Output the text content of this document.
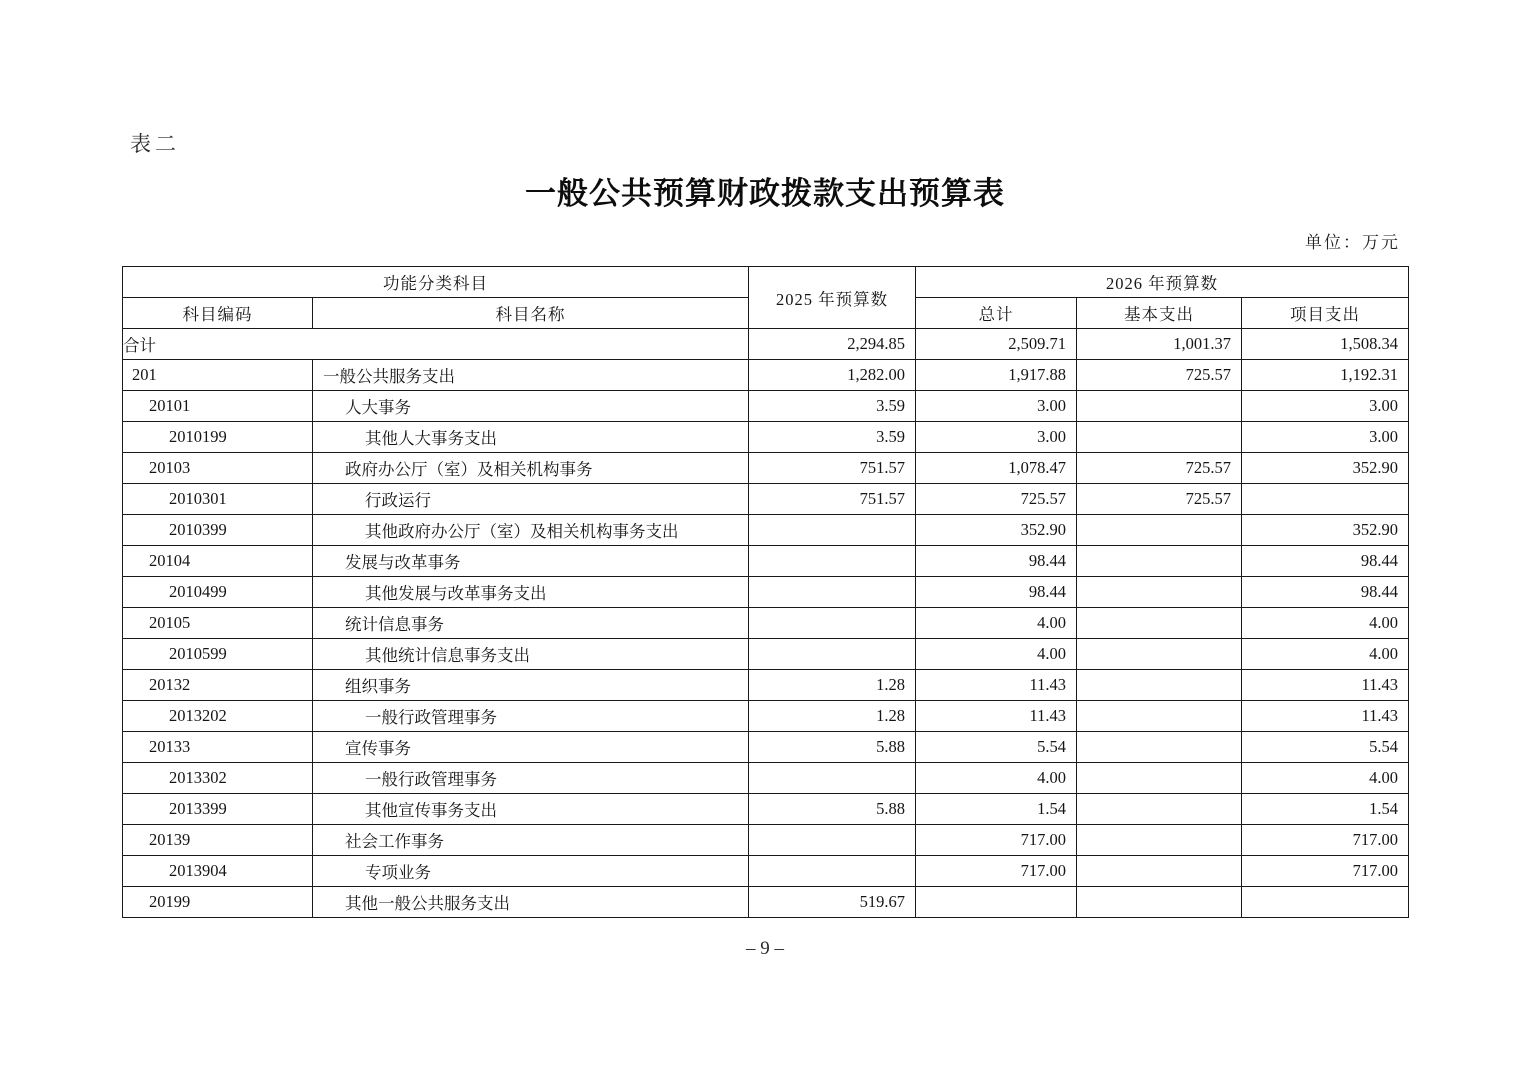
表二
一般公共预算财政拨款支出预算表
单位：万元
功能分类科目		2025 年预算数	2026 年预算数		
科目编码	科目名称		总计	基本支出	项目支出
合计		2,294.85	2,509.71	1,001.37	1,508.34
201	一般公共服务支出	1,282.00	1,917.88	725.57	1,192.31
20101	人大事务	3.59	3.00		3.00
2010199	其他人大事务支出	3.59	3.00		3.00
20103	政府办公厅（室）及相关机构事务	751.57	1,078.47	725.57	352.90
2010301	行政运行	751.57	725.57	725.57	
2010399	其他政府办公厅（室）及相关机构事务支出		352.90		352.90
20104	发展与改革事务		98.44		98.44
2010499	其他发展与改革事务支出		98.44		98.44
20105	统计信息事务		4.00		4.00
2010599	其他统计信息事务支出		4.00		4.00
20132	组织事务	1.28	11.43		11.43
2013202	一般行政管理事务	1.28	11.43		11.43
20133	宣传事务	5.88	5.54		5.54
2013302	一般行政管理事务		4.00		4.00
2013399	其他宣传事务支出	5.88	1.54		1.54
20139	社会工作事务		717.00		717.00
2013904	专项业务		717.00		717.00
20199	其他一般公共服务支出	519.67			
– 9 –
